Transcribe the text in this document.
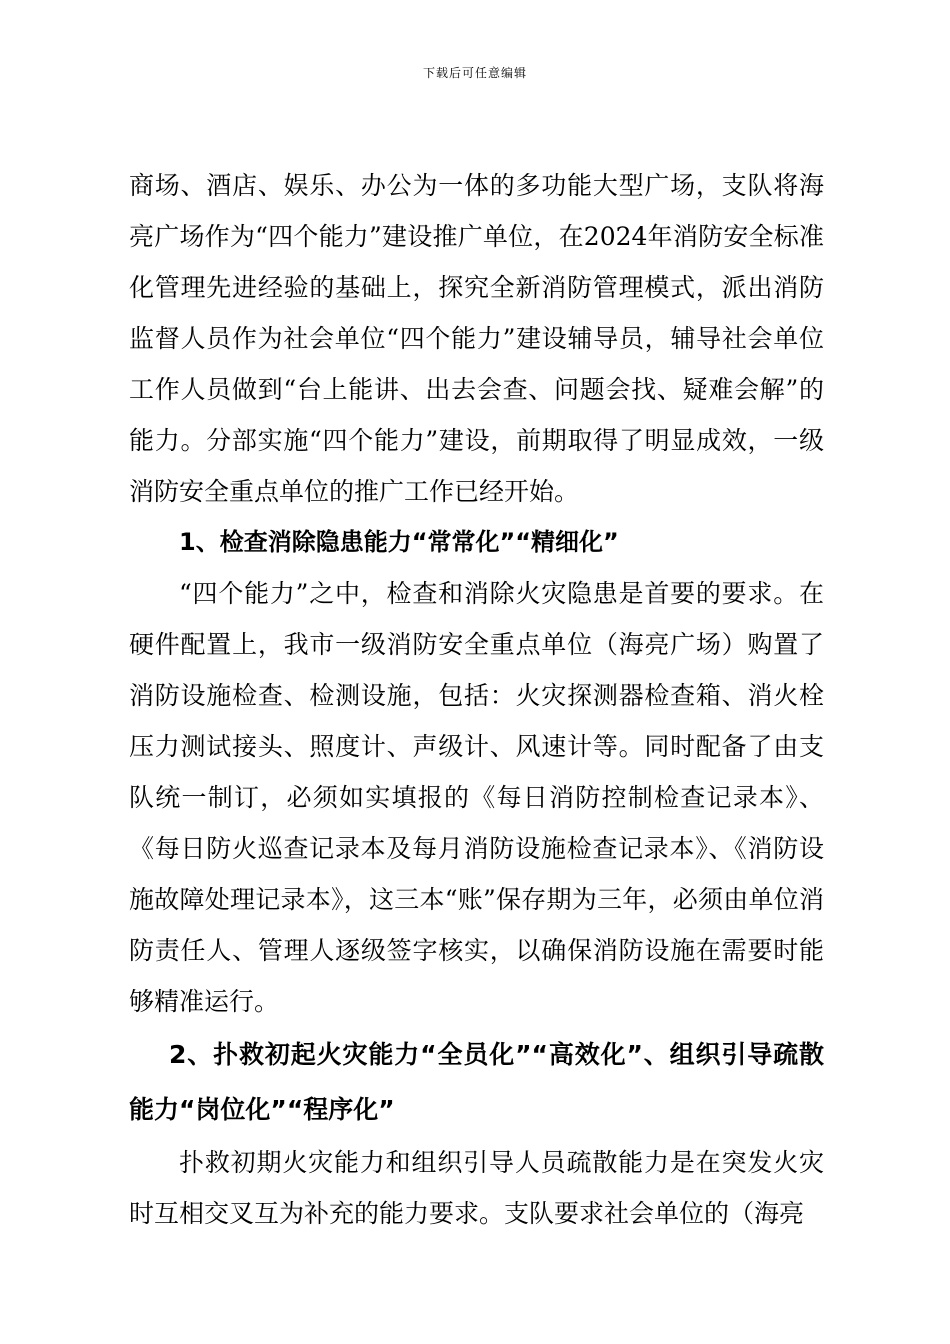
下载后可任意编辑

商场、酒店、娱乐、办公为一体的多功能大型广场，支队将海亮广场作为“四个能力”建设推广单位，在2024年消防安全标准化管理先进经验的基础上，探究全新消防管理模式，派出消防监督人员作为社会单位“四个能力”建设辅导员，辅导社会单位工作人员做到“台上能讲、出去会查、问题会找、疑难会解”的能力。分部实施“四个能力”建设，前期取得了明显成效，一级消防安全重点单位的推广工作已经开始。

1、检查消除隐患能力“常常化”“精细化”

“四个能力”之中，检查和消除火灾隐患是首要的要求。在硬件配置上，我市一级消防安全重点单位（海亮广场）购置了消防设施检查、检测设施，包括：火灾探测器检查箱、消火栓压力测试接头、照度计、声级计、风速计等。同时配备了由支队统一制订，必须如实填报的《每日消防控制检查记录本》、《每日防火巡查记录本及每月消防设施检查记录本》、《消防设施故障处理记录本》，这三本“账”保存期为三年，必须由单位消防责任人、管理人逐级签字核实，以确保消防设施在需要时能够精准运行。

2、扑救初起火灾能力“全员化”“高效化”、组织引导疏散能力“岗位化”“程序化”

扑救初期火灾能力和组织引导人员疏散能力是在突发火灾时互相交叉互为补充的能力要求。支队要求社会单位的（海亮
